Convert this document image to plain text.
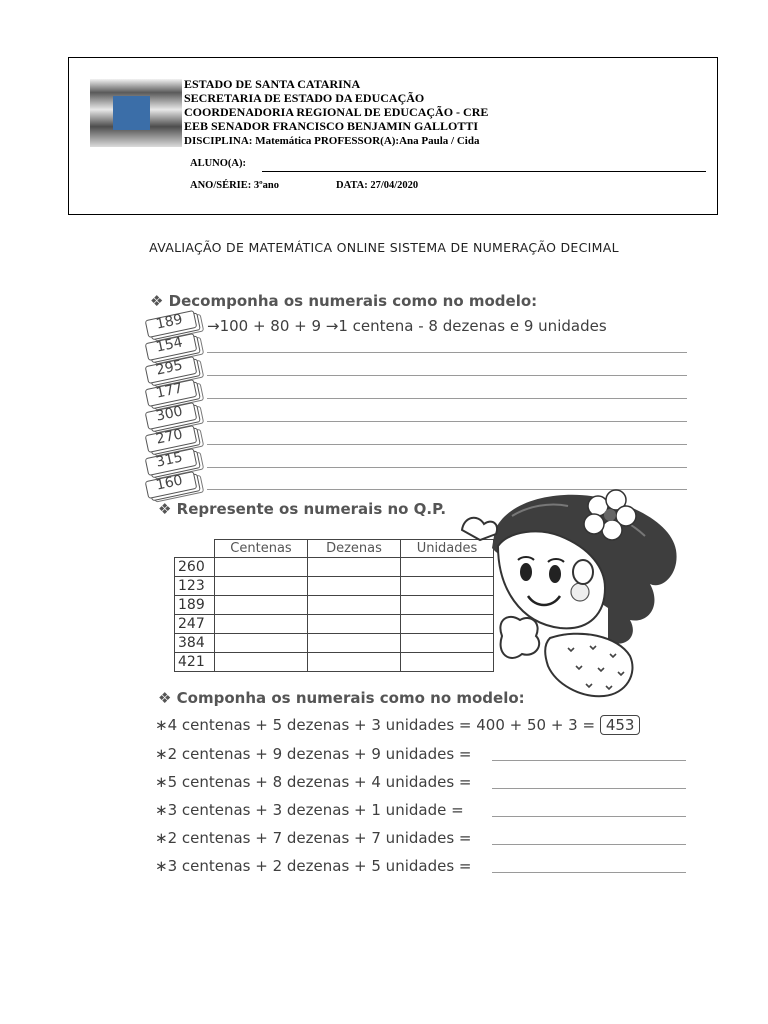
ESTADO DE SANTA CATARINA
SECRETARIA DE ESTADO DA EDUCAÇÃO
COORDENADORIA REGIONAL DE EDUCAÇÃO - CRE
EEB SENADOR FRANCISCO BENJAMIN GALLOTTI
DISCIPLINA: Matemática PROFESSOR(A):Ana Paula / Cida
ALUNO(A):
ANO/SÉRIE: 3ºano	DATA: 27/04/2020
AVALIAÇÃO DE MATEMÁTICA ONLINE SISTEMA DE NUMERAÇÃO DECIMAL
❖ Decomponha os numerais como no modelo:
→100 + 80 + 9 →1 centena - 8 dezenas e 9 unidades
189
154
295
177
300
270
315
160
❖ Represente os numerais no Q.P.
	Centenas	Dezenas	Unidades
260			
123			
189			
247			
384			
421			
❖ Componha os numerais como no modelo:
∗4 centenas + 5 dezenas + 3 unidades = 400 + 50 + 3 = 453
∗2 centenas + 9 dezenas + 9 unidades =
∗5 centenas + 8 dezenas + 4 unidades =
∗3 centenas + 3 dezenas + 1 unidade =
∗2 centenas + 7 dezenas + 7 unidades =
∗3 centenas + 2 dezenas + 5 unidades =
